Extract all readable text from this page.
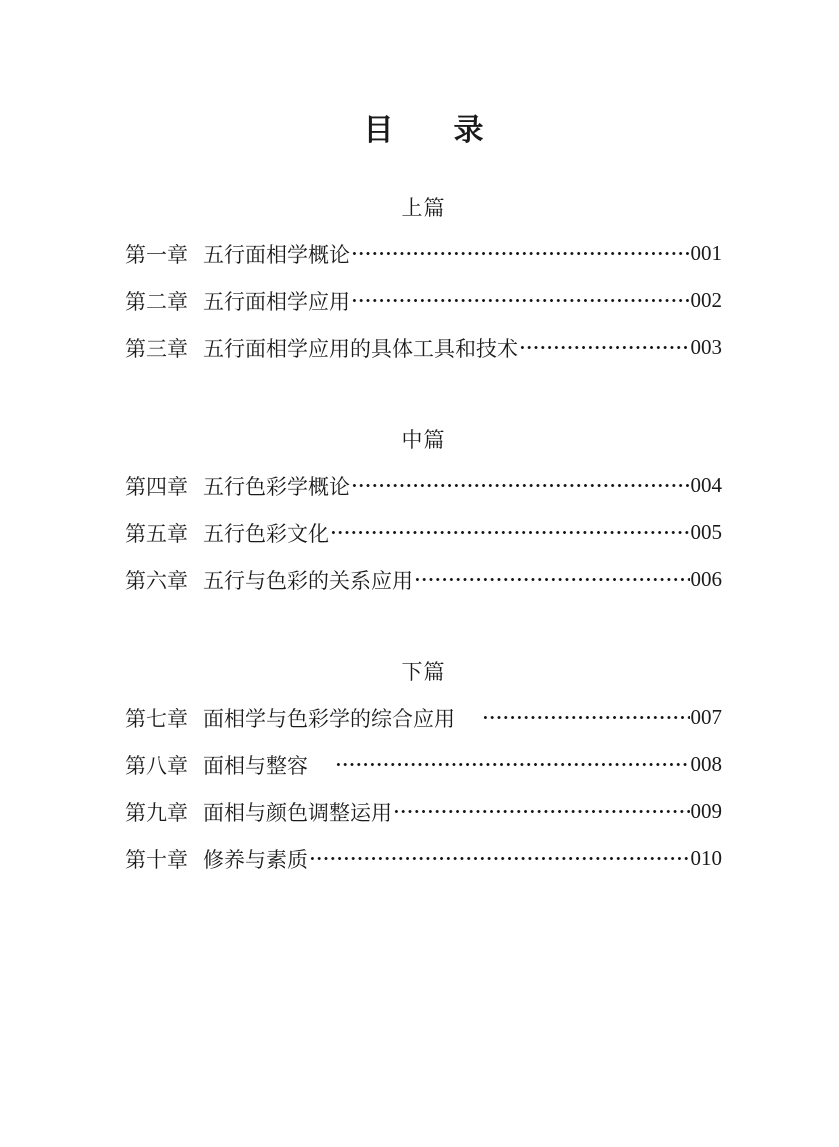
目　　录
上篇
第一章 五行面相学概论	001
第二章 五行面相学应用	002
第三章 五行面相学应用的具体工具和技术	003
中篇
第四章 五行色彩学概论	004
第五章 五行色彩文化	005
第六章 五行与色彩的关系应用	006
下篇
第七章 面相学与色彩学的综合应用	007
第八章 面相与整容	008
第九章 面相与颜色调整运用	009
第十章 修养与素质	010
